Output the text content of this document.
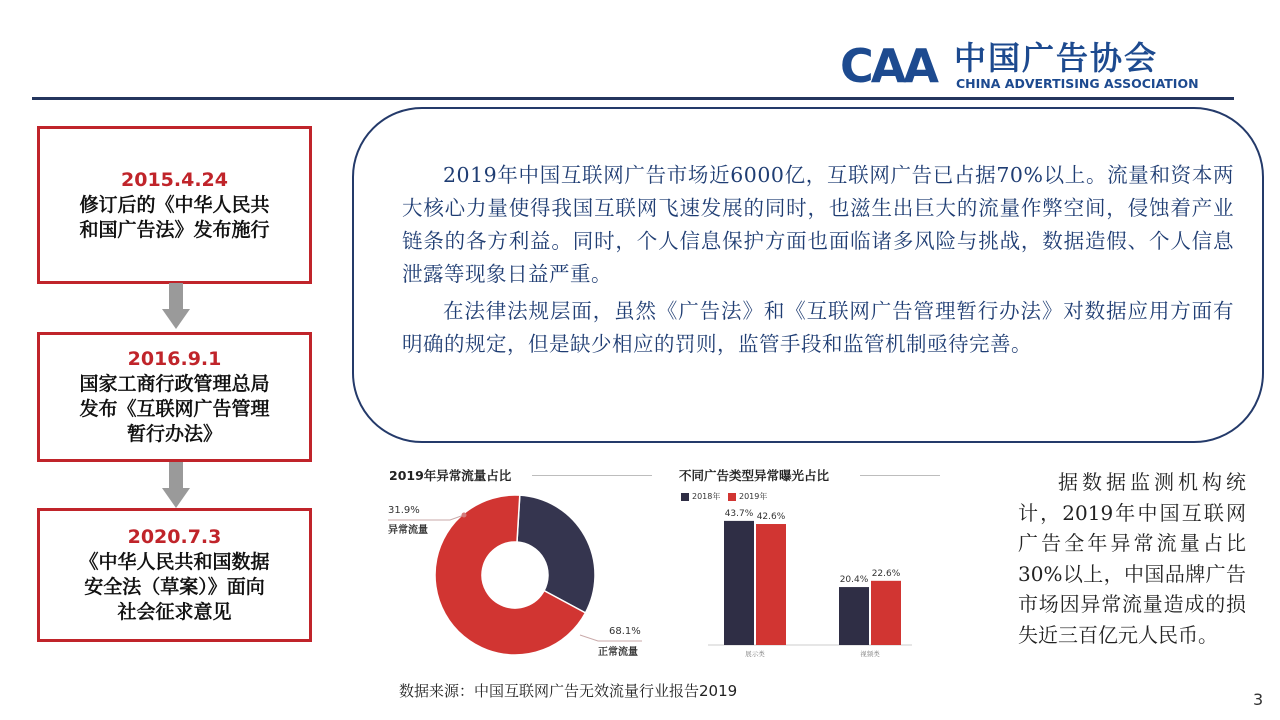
CAA 中国广告协会
CHINA ADVERTISING ASSOCIATION
2015.4.24
修订后的《中华人民共
和国广告法》发布施行
2016.9.1
国家工商行政管理总局
发布《互联网广告管理
暂行办法》
2020.7.3
《中华人民共和国数据
安全法（草案）》面向
社会征求意见

2019年中国互联网广告市场近6000亿，互联网广告已占据70%以上。流量和资本两大核心力量使得我国互联网飞速发展的同时，也滋生出巨大的流量作弊空间，侵蚀着产业链条的各方利益。同时，个人信息保护方面也面临诸多风险与挑战，数据造假、个人信息泄露等现象日益严重。

在法律法规层面，虽然《广告法》和《互联网广告管理暂行办法》对数据应用方面有明确的规定，但是缺少相应的罚则，监管手段和监管机制亟待完善。

2019年异常流量占比
31.9%
异常流量
68.1%
正常流量
不同广告类型异常曝光占比
2018年 2019年
43.7% 42.6%
展示类
20.4%
22.6%
视频类
数据来源：中国互联网广告无效流量行业报告2019
据数据监测机构统计，2019年中国互联网广告全年异常流量占比30%以上，中国品牌广告市场因异常流量造成的损失近三百亿元人民币。
3
